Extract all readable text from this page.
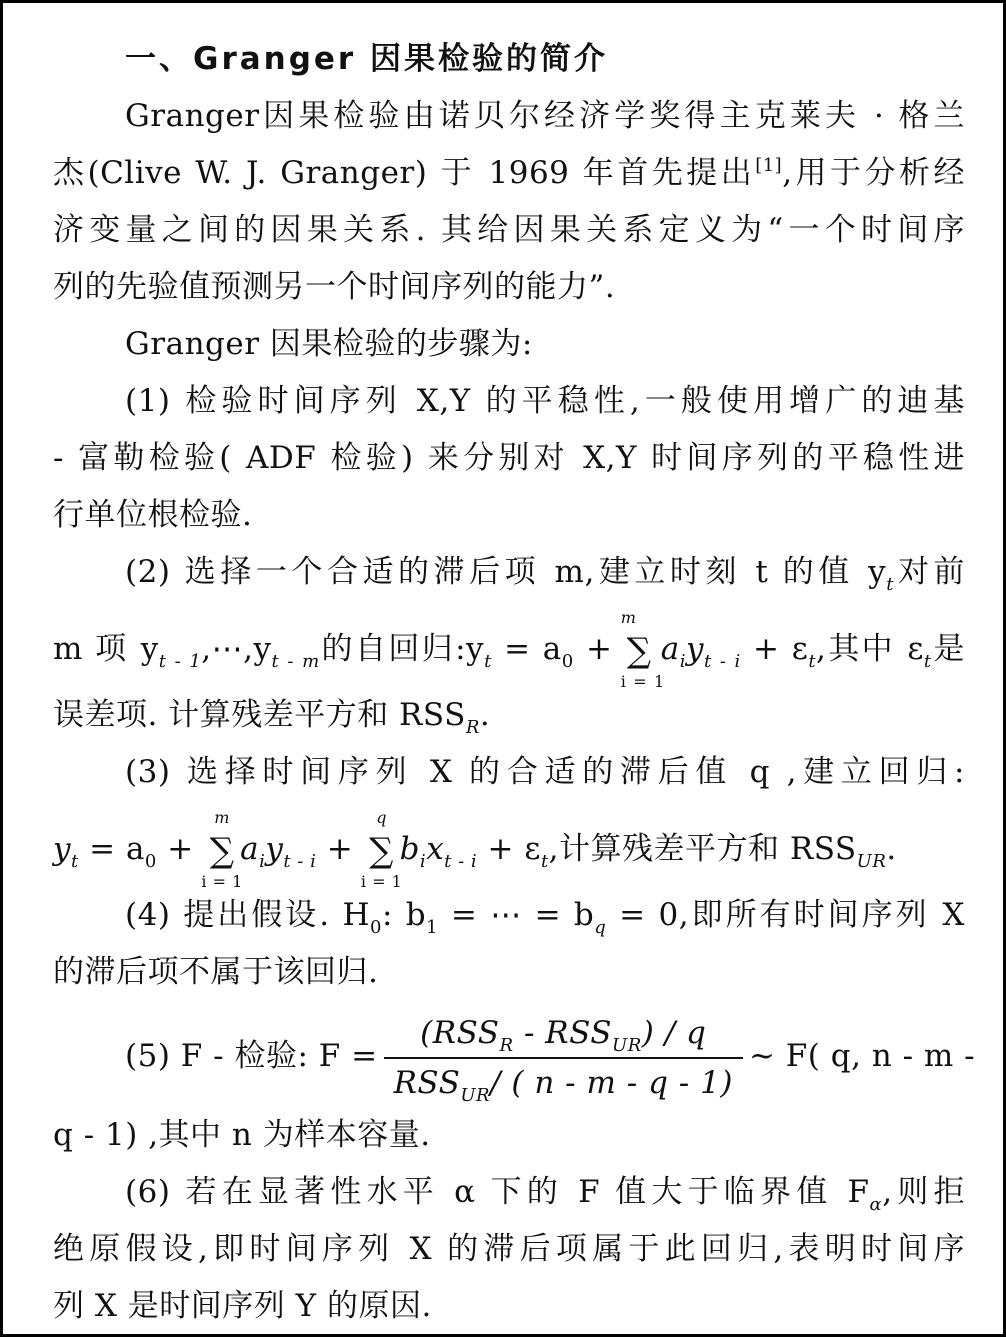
一、Granger 因果检验的简介
Granger因果检验由诺贝尔经济学奖得主克莱夫 · 格兰
杰(Clive W. J. Granger) 于 1969 年首先提出[1],用于分析经
济变量之间的因果关系. 其给因果关系定义为“一个时间序
列的先验值预测另一个时间序列的能力”.
Granger 因果检验的步骤为:
(1) 检验时间序列 X,Y 的平稳性,一般使用增广的迪基
- 富勒检验( ADF 检验) 来分别对 X,Y 时间序列的平稳性进
行单位根检验.
(2) 选择一个合适的滞后项 m,建立时刻 t 的值 $y_t$对前
m 项 $y_{t - 1},\cdots,y_{t - m}$的自回归$:y_t = a_0$ + ∑
m
i = 1
$a_iy_{t - i} + \varepsilon_t$,其中 $\varepsilon_t$是
误差项. 计算残差平方和 $RSS_R$.
(3) 选择时间序列 X 的合适的滞后值 q ,建立回归:
$y_t = a_0$ + ∑
m
i = 1
$a_iy_{t - i}$ + ∑
q
i = 1
$b_ix_{t - i} + \varepsilon_t$,计算残差平方和 $RSS_{UR}$.
(4) 提出假设. $H_0$: $b_1$ = ⋯ = $b_q = 0$,即所有时间序列 X
的滞后项不属于该回归.
(5) F - 检验: $F = \frac{(RSS_R - RSS_{UR}) / q}{RSS_{UR}/ ( n - m - q - 1)}$ ~ F( q, n - m -
q - 1) ,其中 n 为样本容量.
(6) 若在显著性水平 α 下的 F 值大于临界值 $F_\alpha$,则拒
绝原假设,即时间序列 X 的滞后项属于此回归,表明时间序
列 X 是时间序列 Y 的原因.
